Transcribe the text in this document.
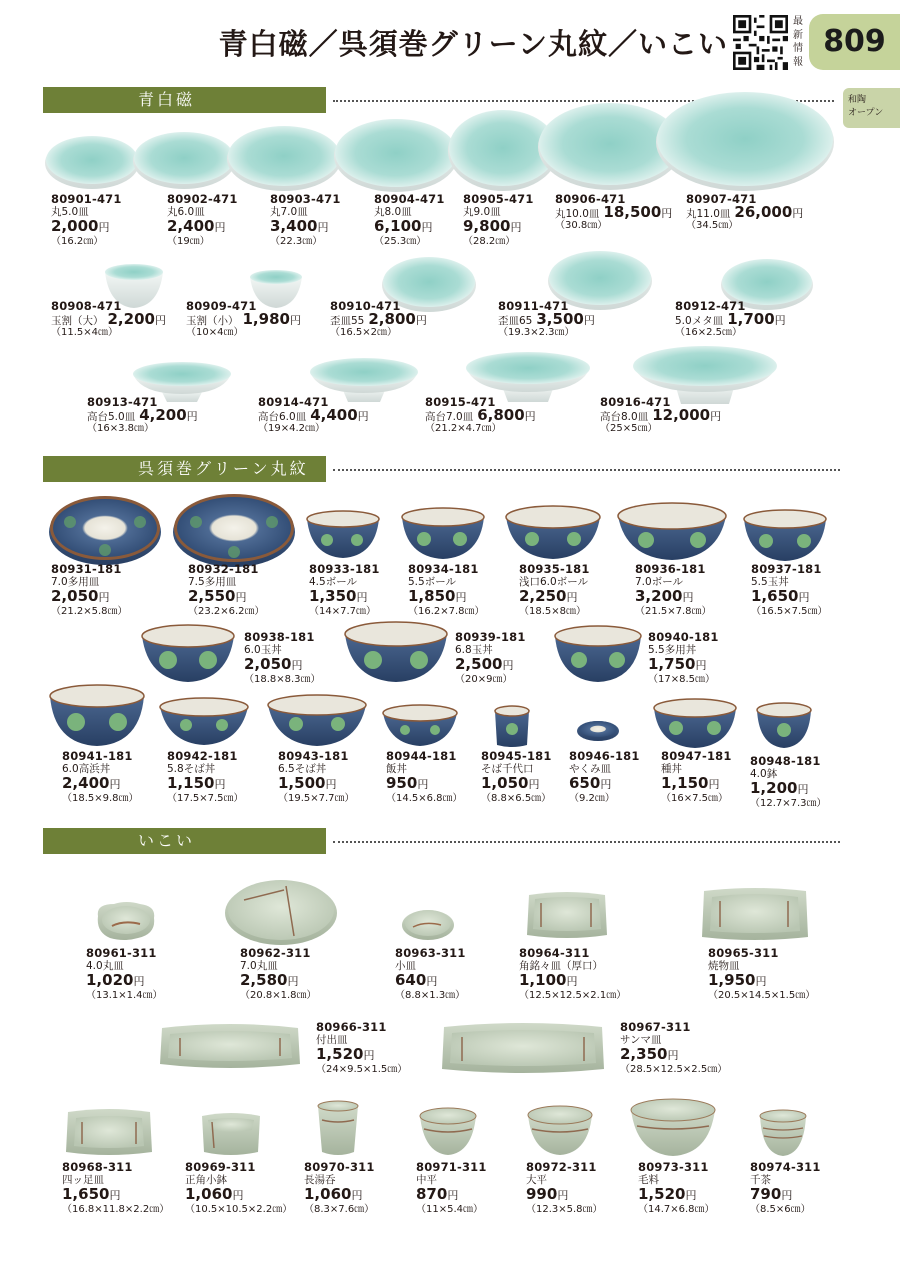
青白磁／呉須巻グリーン丸紋／いこい
最新情報
809
和陶
オープン
青白磁
呉須巻グリーン丸紋
いこい
80901-471
丸5.0皿
2,000円
（16.2㎝）
80902-471
丸6.0皿
2,400円
（19㎝）
80903-471
丸7.0皿
3,400円
（22.3㎝）
80904-471
丸8.0皿
6,100円
（25.3㎝）
80905-471
丸9.0皿
9,800円
（28.2㎝）
80906-471
丸10.0皿 18,500円
（30.8㎝）
80907-471
丸11.0皿 26,000円
（34.5㎝）
80908-471
玉割（大） 2,200円
（11.5×4㎝）
80909-471
玉割（小） 1,980円
（10×4㎝）
80910-471
歪皿55 2,800円
（16.5×2㎝）
80911-471
歪皿65 3,500円
（19.3×2.3㎝）
80912-471
5.0メタ皿 1,700円
（16×2.5㎝）
80913-471
高台5.0皿 4,200円
（16×3.8㎝）
80914-471
高台6.0皿 4,400円
（19×4.2㎝）
80915-471
高台7.0皿 6,800円
（21.2×4.7㎝）
80916-471
高台8.0皿 12,000円
（25×5㎝）
80931-181
7.0多用皿
2,050円
（21.2×5.8㎝）
80932-181
7.5多用皿
2,550円
（23.2×6.2㎝）
80933-181
4.5ボール
1,350円
（14×7.7㎝）
80934-181
5.5ボール
1,850円
（16.2×7.8㎝）
80935-181
浅口6.0ボール
2,250円
（18.5×8㎝）
80936-181
7.0ボール
3,200円
（21.5×7.8㎝）
80937-181
5.5玉丼
1,650円
（16.5×7.5㎝）
80938-181
6.0玉丼
2,050円
（18.8×8.3㎝）
80939-181
6.8玉丼
2,500円
（20×9㎝）
80940-181
5.5多用丼
1,750円
（17×8.5㎝）
80941-181
6.0高浜丼
2,400円
（18.5×9.8㎝）
80942-181
5.8そば丼
1,150円
（17.5×7.5㎝）
80943-181
6.5そば丼
1,500円
（19.5×7.7㎝）
80944-181
飯丼
950円
（14.5×6.8㎝）
80945-181
そば千代口
1,050円
（8.8×6.5㎝）
80946-181
やくみ皿
650円
（9.2㎝）
80947-181
種丼
1,150円
（16×7.5㎝）
80948-181
4.0鉢
1,200円
（12.7×7.3㎝）
80961-311
4.0丸皿
1,020円
（13.1×1.4㎝）
80962-311
7.0丸皿
2,580円
（20.8×1.8㎝）
80963-311
小皿
640円
（8.8×1.3㎝）
80964-311
角銘々皿（厚口）
1,100円
（12.5×12.5×2.1㎝）
80965-311
焼物皿
1,950円
（20.5×14.5×1.5㎝）
80966-311
付出皿
1,520円
（24×9.5×1.5㎝）
80967-311
サンマ皿
2,350円
（28.5×12.5×2.5㎝）
80968-311
四ッ足皿
1,650円
（16.8×11.8×2.2㎝）
80969-311
正角小鉢
1,060円
（10.5×10.5×2.2㎝）
80970-311
長湯呑
1,060円
（8.3×7.6㎝）
80971-311
中平
870円
（11×5.4㎝）
80972-311
大平
990円
（12.3×5.8㎝）
80973-311
毛料
1,520円
（14.7×6.8㎝）
80974-311
千茶
790円
（8.5×6㎝）
